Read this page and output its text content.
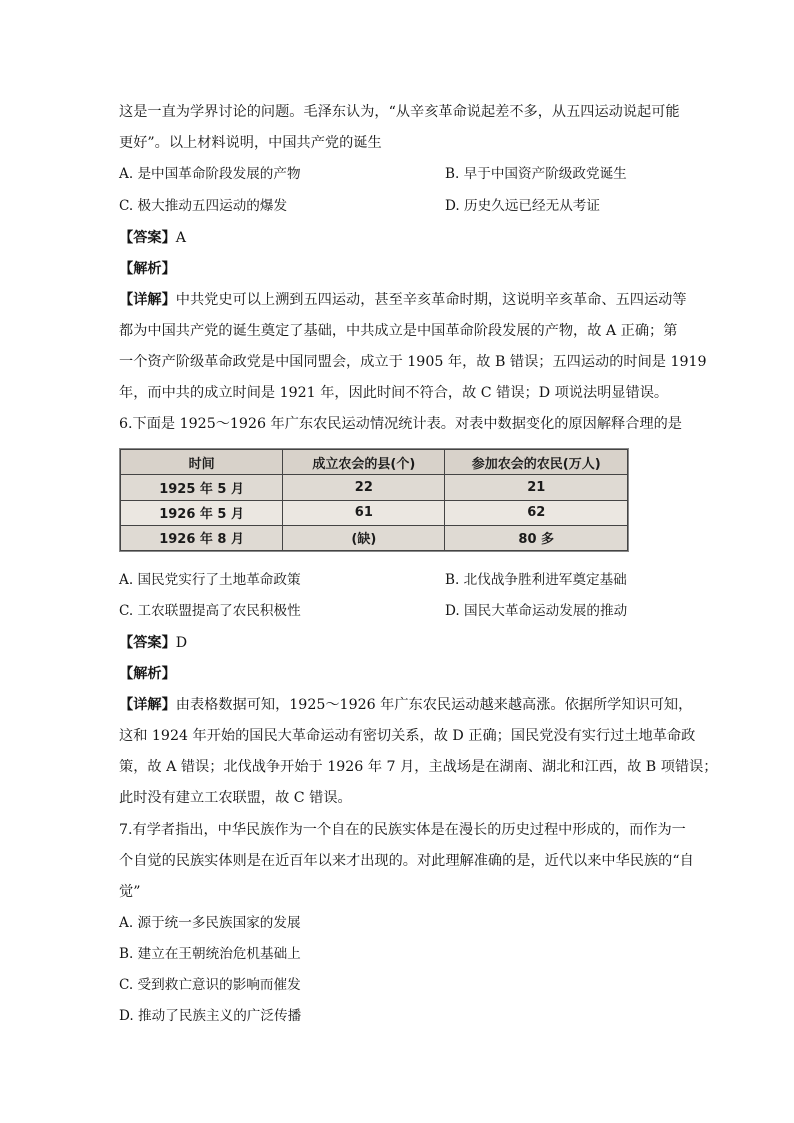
这是一直为学界讨论的问题。毛泽东认为，“从辛亥革命说起差不多，从五四运动说起可能
更好”。以上材料说明，中国共产党的诞生
A. 是中国革命阶段发展的产物	B. 早于中国资产阶级政党诞生
C. 极大推动五四运动的爆发	D. 历史久远已经无从考证
【答案】A
【解析】
【详解】中共党史可以上溯到五四运动，甚至辛亥革命时期，这说明辛亥革命、五四运动等
都为中国共产党的诞生奠定了基础，中共成立是中国革命阶段发展的产物，故 A 正确；第
一个资产阶级革命政党是中国同盟会，成立于 1905 年，故 B 错误；五四运动的时间是 1919
年，而中共的成立时间是 1921 年，因此时间不符合，故 C 错误；D 项说法明显错误。
6.下面是 1925～1926 年广东农民运动情况统计表。对表中数据变化的原因解释合理的是
时间	成立农会的县(个)	参加农会的农民(万人)
1925 年 5 月	22	21
1926 年 5 月	61	62
1926 年 8 月	(缺)	80 多
A. 国民党实行了土地革命政策	B. 北伐战争胜利进军奠定基础
C. 工农联盟提高了农民积极性	D. 国民大革命运动发展的推动
【答案】D
【解析】
【详解】由表格数据可知，1925～1926 年广东农民运动越来越高涨。依据所学知识可知，
这和 1924 年开始的国民大革命运动有密切关系，故 D 正确；国民党没有实行过土地革命政
策，故 A 错误；北伐战争开始于 1926 年 7 月，主战场是在湖南、湖北和江西，故 B 项错误；
此时没有建立工农联盟，故 C 错误。
7.有学者指出，中华民族作为一个自在的民族实体是在漫长的历史过程中形成的，而作为一
个自觉的民族实体则是在近百年以来才出现的。对此理解准确的是，近代以来中华民族的“自
觉”
A. 源于统一多民族国家的发展
B. 建立在王朝统治危机基础上
C. 受到救亡意识的影响而催发
D. 推动了民族主义的广泛传播
